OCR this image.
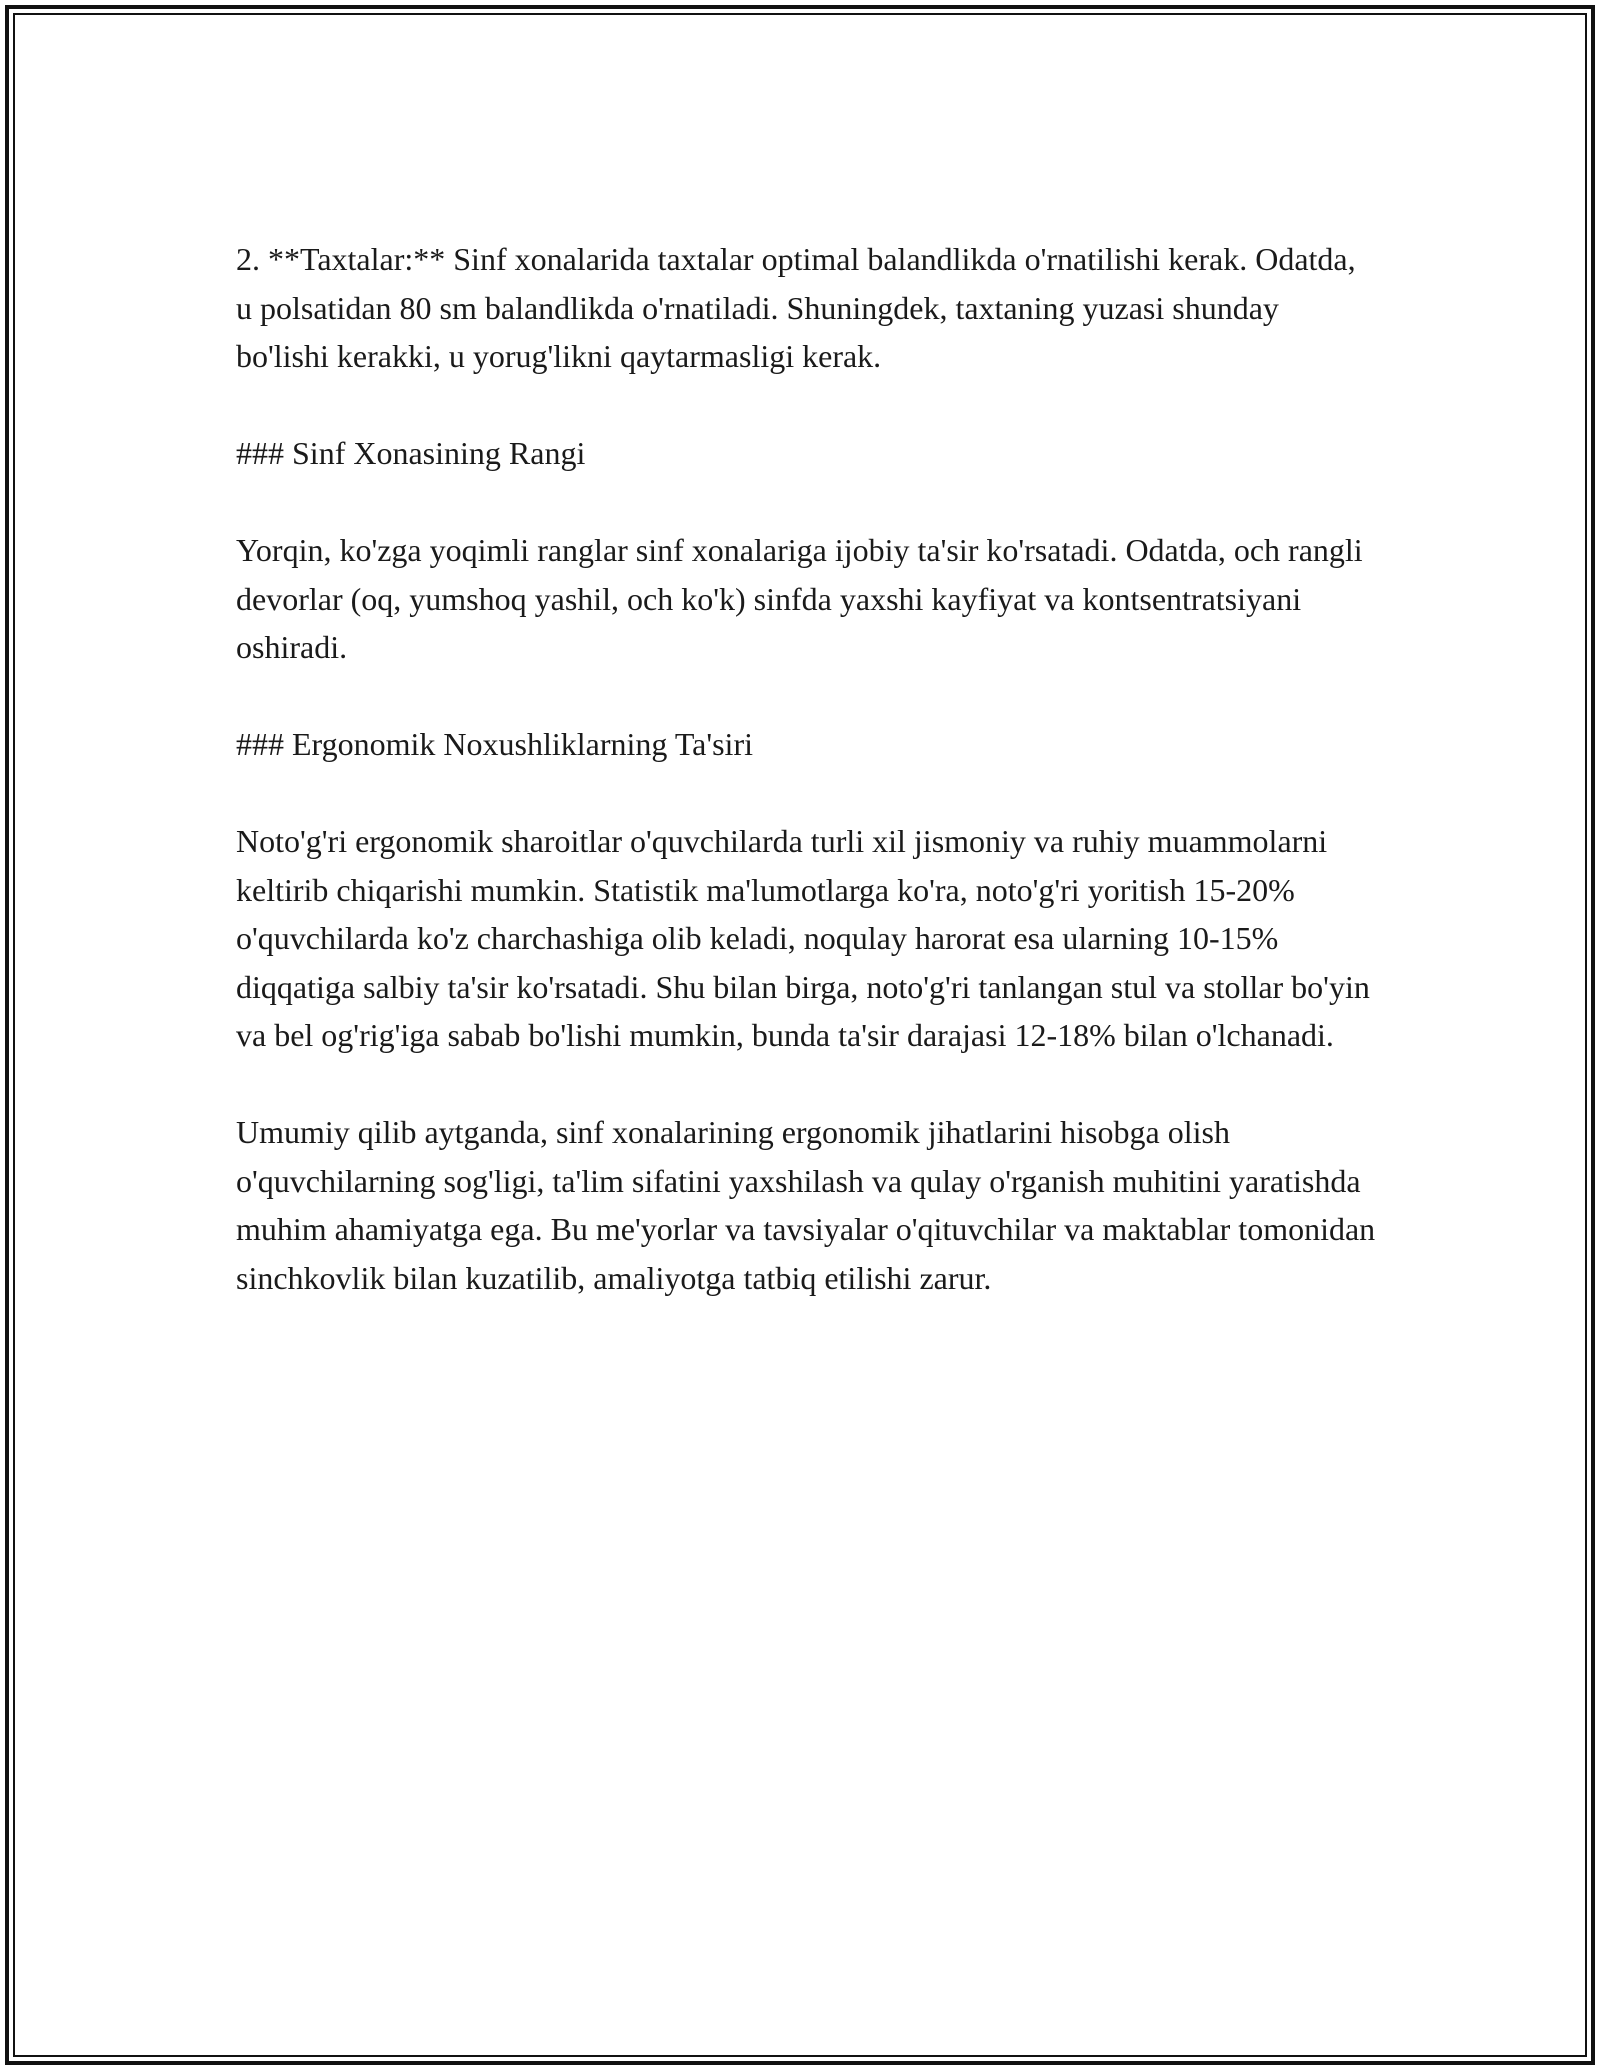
2. **Taxtalar:** Sinf xonalarida taxtalar optimal balandlikda o'rnatilishi kerak. Odatda, u polsatidan 80 sm balandlikda o'rnatiladi. Shuningdek, taxtaning yuzasi shunday bo'lishi kerakki, u yorug'likni qaytarmasligi kerak.

### Sinf Xonasining Rangi

Yorqin, ko'zga yoqimli ranglar sinf xonalariga ijobiy ta'sir ko'rsatadi. Odatda, och rangli devorlar (oq, yumshoq yashil, och ko'k) sinfda yaxshi kayfiyat va kontsentratsiyani oshiradi.

### Ergonomik Noxushliklarning Ta'siri

Noto'g'ri ergonomik sharoitlar o'quvchilarda turli xil jismoniy va ruhiy muammolarni keltirib chiqarishi mumkin. Statistik ma'lumotlarga ko'ra, noto'g'ri yoritish 15-20% o'quvchilarda ko'z charchashiga olib keladi, noqulay harorat esa ularning 10-15% diqqatiga salbiy ta'sir ko'rsatadi. Shu bilan birga, noto'g'ri tanlangan stul va stollar bo'yin va bel og'rig'iga sabab bo'lishi mumkin, bunda ta'sir darajasi 12-18% bilan o'lchanadi.

Umumiy qilib aytganda, sinf xonalarining ergonomik jihatlarini hisobga olish o'quvchilarning sog'ligi, ta'lim sifatini yaxshilash va qulay o'rganish muhitini yaratishda muhim ahamiyatga ega. Bu me'yorlar va tavsiyalar o'qituvchilar va maktablar tomonidan sinchkovlik bilan kuzatilib, amaliyotga tatbiq etilishi zarur.
